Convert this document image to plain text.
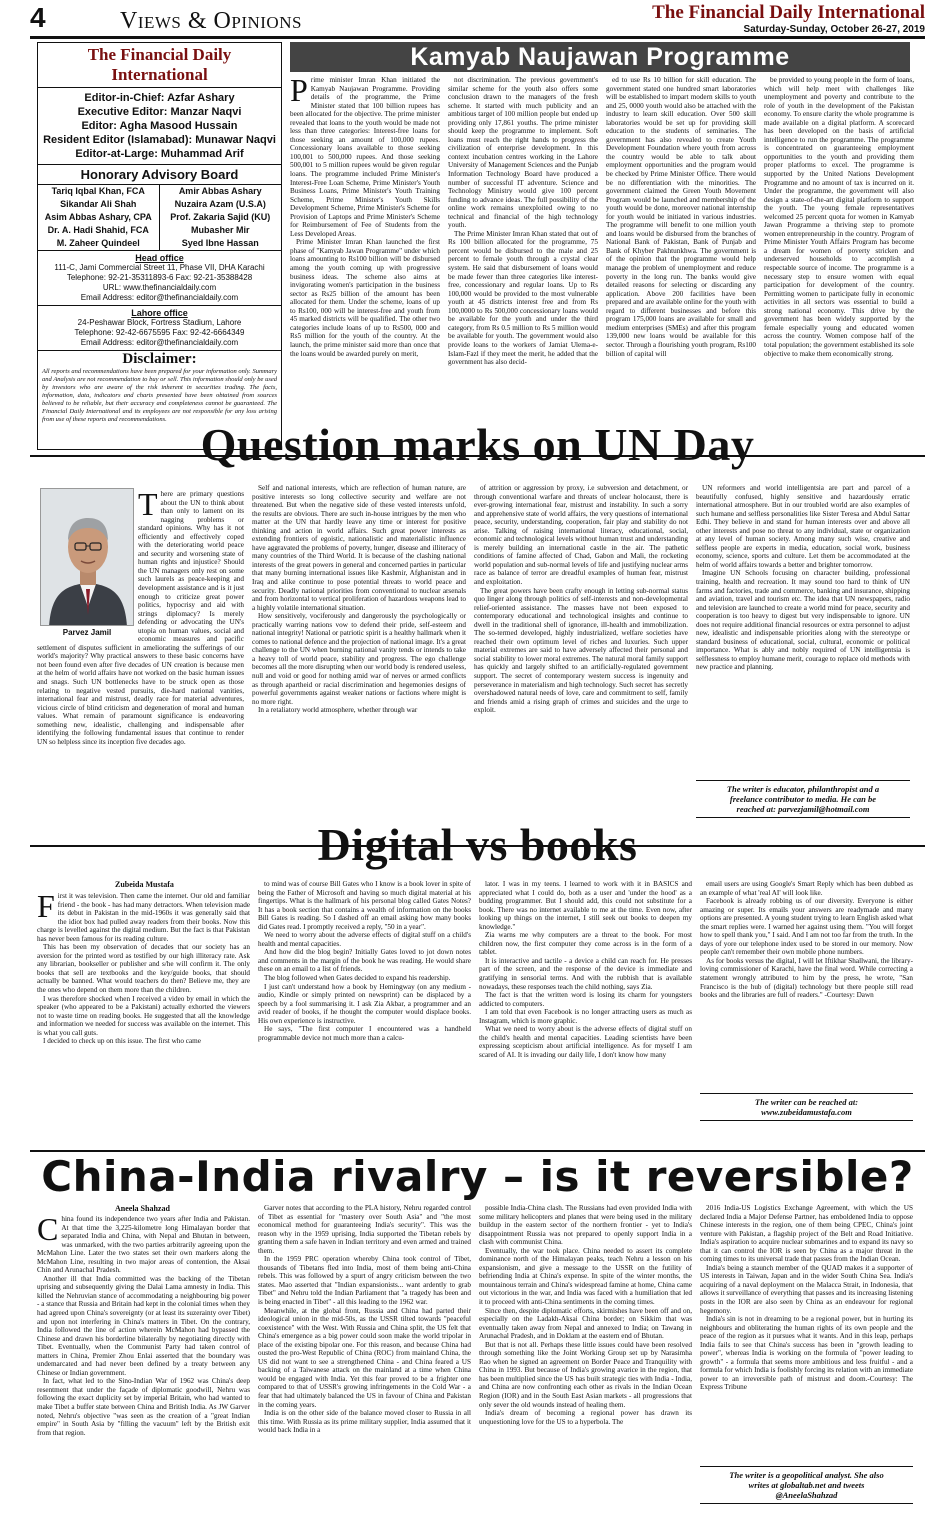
4	Views & Opinions	The Financial Daily International
Saturday-Sunday, October 26-27, 2019
The Financial Daily International
Editor-in-Chief: Azfar Ashary
Executive Editor: Manzar Naqvi
Editor: Agha Masood Hussain
Resident Editor (Islamabad): Munawar Naqvi
Editor-at-Large: Muhammad Arif
Honorary Advisory Board
Tariq Iqbal Khan, FCA	Amir Abbas Ashary
Sikandar Ali Shah	Nuzaira Azam (U.S.A)
Asim Abbas Ashary, CPA	Prof. Zakaria Sajid (KU)
Dr. A. Hadi Shahid, FCA	Mubasher Mir
M. Zaheer Quindeel	Syed Ibne Hassan
Head office
111-C, Jami Commercial Street 11, Phase VII, DHA Karachi
Telephone: 92-21-35311893-6 Fax: 92-21-35388428
URL: www.thefinancialdaily.com
Email Address: editor@thefinancialdaily.com
Lahore office
24-Peshawar Block, Fortress Stadium, Lahore
Telephone: 92-42-6675595 Fax: 92-42-6664349
Email Address: editor@thefinancialdaily.com
Disclaimer:
All reports and recommendations have been prepared for your information only. Summary and Analysis are not recommendation to buy or sell. This information should only be used by investors who are aware of the risk inherent in securities trading. The facts, information, data, indicators and charts presented have been obtained from sources believed to be reliable, but their accuracy and completeness cannot be guaranteed. The Financial Daily International and its employees are not responsible for any loss arising from use of these reports and recommendations.
Kamyab Naujawan Programme

Prime minister Imran Khan initiated the Kamyab Naujawan Programme. Providing details of the programme, the Prime Minister stated that 100 billion rupees has been allocated for the objective. The prime minister revealed that loans to the youth would be made not less than three categories: Interest-free loans for those seeking an amount of 100,000 rupees. Concessionary loans available to those seeking 100,001 to 500,000 rupees. And those seeking 500,001 to 5 million rupees would be given regular loans. The programme included Prime Minister's Interest-Free Loan Scheme, Prime Minister's Youth Business Loans, Prime Minister's Youth Training Scheme, Prime Minister's Youth Skills Development Scheme, Prime Minister's Scheme for Provision of Laptops and Prime Minister's Scheme for Reimbursement of Fee of Students from the Less Developed Areas.

Prime Minister Imran Khan launched the first phase of "Kamyab Jawan Programme" under which loans amounting to Rs100 billion will be disbursed among the youth coming up with progressive business ideas. The scheme also aims at invigorating women's participation in the business sector as Rs25 billion of the amount has been allocated for them. Under the scheme, loans of up to Rs100, 000 will be interest-free and youth from 45 marked districts will be qualified. The other two categories include loans of up to Rs500, 000 and Rs5 million for the youth of the country. At the launch, the prime minister said more than once that the loans would be awarded purely on merit,

not discrimination. The previous government's similar scheme for the youth also offers some conclusion drawn to the managers of the fresh scheme. It started with much publicity and an ambitious target of 100 million people but ended up providing only 17,861 youths. The prime minister should keep the programme to implement. Soft loans must reach the right hands to progress the civilization of enterprise development. In this context incubation centres working in the Lahore University of Management Sciences and the Punjab Information Technology Board have produced a number of successful IT adventure. Science and Technology Ministry would give 100 percent funding to advance ideas. The full possibility of the online work remains unexploited owing to no technical and financial of the high technology youth.

The Prime Minister Imran Khan stated that out of Rs 100 billion allocated for the programme, 75 percent would be disbursed to the male and 25 percent to female youth through a crystal clear system. He said that disbursement of loans would be made fewer than three categories like interest-free, concessionary and regular loans. Up to Rs 100,000 would be provided to the most vulnerable youth at 45 districts interest free and from Rs 100,0000 to Rs 500,000 concessionary loans would be available for the youth and under the third category, from Rs 0.5 million to Rs 5 million would be available for youth. The government would also provide loans to the workers of Jamiat Ulema-e-Islam-Fazl if they meet the merit, he added that the government has also decid-

ed to use Rs 10 billion for skill education. The government stated one hundred smart laboratories will be established to impart modern skills to youth and 25, 0000 youth would also be attached with the industry to learn skill education. Over 500 skill laboratories would be set up for providing skill education to the students of seminaries. The government has also revealed to create Youth Development Foundation where youth from across the country would be able to talk about employment opportunities and the program would be checked by Prime Minister Office. There would be no differentiation with the minorities. The government claimed the Green Youth Movement Program would be launched and membership of the youth would be done, moreover national internship for youth would be initiated in various industries. The programme will benefit to one million youth and loans would be disbursed from the branches of National Bank of Pakistan, Bank of Punjab and Bank of Khyber Pakhtunkhwa. The government is of the opinion that the programme would help manage the problem of unemployment and reduce poverty in the long run. The banks would give detailed reasons for selecting or discarding any application. Above 200 facilities have been prepared and are available online for the youth with regard to different businesses and before this program 175,000 loans are available for small and medium enterprises (SMEs) and after this program 139,000 new loans would be available for this sector. Through a flourishing youth program, Rs100 billion of capital will

be provided to young people in the form of loans, which will help meet with challenges like unemployment and poverty and contribute to the role of youth in the development of the Pakistan economy. To ensure clarity the whole programme is made available on a digital platform. A scorecard has been developed on the basis of artificial intelligence to run the programme. The programme is concentrated on guaranteeing employment opportunities to the youth and providing them proper platforms to excel. The programme is supported by the United Nations Development Programme and no amount of tax is incurred on it. Under the programme, the government will also design a state-of-the-art digital platform to support the youth. The young female representatives welcomed 25 percent quota for women in Kamyab Jawan Programme a thriving step to promote women entrepreneurship in the country. Program of Prime Minister Youth Affairs Program has become a dream for women of poverty stricken and underserved households to accomplish a respectable source of income. The programme is a necessary step to ensure women with equal participation for development of the country. Permitting women to participate fully in economic activities in all sectors was essential to build a strong national economy. This drive by the government has been widely supported by the female especially young and educated women across the country. Women compose half of the total population; the government established its sole objective to make them economically strong.

Question marks on UN Day
Parvez Jamil

There are primary questions about the UN to think about than only to lament on its nagging problems or standard opinions. Why has it not efficiently and effectively coped with the deteriorating world peace and security and worsening state of human rights and injustice? Should the UN managers only rest on some such laurels as peace-keeping and development assistance and is it just enough to criticize great power politics, hypocrisy and aid with strings diplomacy? Is merely defending or advocating the UN's utopia on human values, social and economic measures and pacific settlement of disputes sufficient in ameliorating the sufferings of our world's majority? Why practical answers to these basic concerns have not been found even after five decades of UN creation is because men at the helm of world affairs have not worked on the basic human issues and snags. Such UN bottlenecks have to be struck open as those relating to negative vested pursuits, die-hard national vanities, international fear and mistrust, deadly race for material adventures, vicious circle of blind criticism and degeneration of moral and human values. What remain of paramount significance is endeavoring something new, idealistic, challenging and indispensable after identifying the following fundamental issues that continue to render UN so helpless since its inception five decades ago.

Self and national interests, which are reflection of human nature, are positive interests so long collective security and welfare are not threatened. But when the negative side of these vested interests unfold, the results are obvious. There are such in-house intrigues by the men who matter at the UN that hardly leave any time or interest for positive thinking and action in world affairs. Such great power interests as extending frontiers of egoistic, nationalistic and materialistic influence have aggravated the problems of poverty, hunger, disease and illiteracy of many countries of the Third World. It is because of the clashing national interests of the great powers in general and concerned parties in particular that many burning international issues like Kashmir, Afghanistan and in Iraq and alike continue to pose potential threats to world peace and security. Deadly national priorities from conventional to nuclear arsenals and from horizontal to vertical proliferation of hazardous weapons lead to a highly volatile international situation.

How sensitively, vociferously and dangerously the psychologically or practically warring nations vow to defend their pride, self-esteem and national integrity! National or patriotic spirit is a healthy hallmark when it comes to national defence and the projection of national image. It's a great challenge to the UN when burning national vanity tends or intends to take a heavy toll of world peace, stability and progress. The ego challenge becomes all the more disrupting when our world body is rendered useless, null and void or good for nothing amid war of nerves or armed conflicts as through apartheid or racial discrimination and hegemonies designs of powerful governments against weaker nations or factions where might is no more right.

In a retaliatory world atmosphere, whether through war

of attrition or aggression by proxy, i.e subversion and detachment, or through conventional warfare and threats of unclear holocaust, there is ever-growing international fear, mistrust and instability. In such a sorry and apprehensive state of world affairs, the very questions of international peace, security, understanding, cooperation, fair play and stability do not arise. Talking of raising international literacy, educational, social, economic and technological levels without human trust and understanding is merely building an international castle in the air. The pathetic conditions of famine affected of Chad, Gabon and Mali, the rocketing world population and sub-normal levels of life and justifying nuclear arms race as balance of terror are dreadful examples of human fear, mistrust and exploitation.

The great powers have been crafty enough in letting sub-normal status quo linger along through politics of self-interests and non-developmental relief-oriented assistance. The masses have not been exposed to contemporary educational and technological insights and continue to dwell in the traditional shell of ignorance, ill-health and immobilization. The so-termed developed, highly industrialized, welfare societies have reached their own optimum level of riches and luxuries. Such upper material extremes are said to have adversely affected their personal and social stability to lower moral extremes. The natural moral family support has quickly and largely shifted to an artificially-regulated government support. The secret of contemporary western success is ingenuity and perseverance in materialism and high technology. Such secret has secretly overshadowed natural needs of love, care and commitment to self, family and friends amid a rising graph of crimes and suicides and the urge to exploit.

UN reformers and world intelligentsia are part and parcel of a beautifully confused, highly sensitive and hazardously erratic international atmosphere. But in our troubled world are also examples of such humane and selfless personalities like Sister Teresa and Abdul Sattar Edhi. They believe in and stand for human interests over and above all other interests and pose no threat to any individual, state or organization at any level of human society. Among many such wise, creative and selfless people are experts in media, education, social work, business economy, science, sports and culture. Let them be accommodated at the helm of world affairs towards a better and brighter tomorrow.

Imagine UN Schools focusing on character building, professional training, health and recreation. It may sound too hard to think of UN farms and factories, trade and commerce, banking and insurance, shipping and aviation, travel and tourism etc. The idea that UN newspapers, radio and television are launched to create a world mind for peace, security and cooperation is too heavy to digest but very indispensable to ignore. UN does not require additional financial resources or extra personnel to adjust new, idealistic and indispensable priorities along with the stereotype or standard business of educational, social, cultural, economic or political importance. What is ably and nobly required of UN intelligentsia is selflessness to employ humane merit, courage to replace old methods with new practice and planning.

The writer is educator, philanthropist and a
freelance contributor to media. He can be
reached at: parvezjamil@hotmail.com
Digital vs books
Zubeida Mustafa

First it was television. Then came the internet. Our old and familiar friend - the book - has had many detractors. When television made its debut in Pakistan in the mid-1960s it was generally said that the idiot box had pulled away readers from their books. Now this charge is levelled against the digital medium. But the fact is that Pakistan has never been famous for its reading culture.

This has been my observation of decades that our society has an aversion for the printed word as testified by our high illiteracy rate. Ask any librarian, bookseller or publisher and s/he will confirm it. The only books that sell are textbooks and the key/guide books, that should actually be banned. What would teachers do then? Believe me, they are the ones who depend on them more than the children.

I was therefore shocked when I received a video by email in which the speaker (who appeared to be a Pakistani) actually exhorted the viewers not to waste time on reading books. He suggested that all the knowledge and information we needed for success was available on the internet. This is what you call guts.

I decided to check up on this issue. The first who came

to mind was of course Bill Gates who I know is a book lover in spite of being the Father of Microsoft and having so much digital material at his fingertips. What is the hallmark of his personal blog called Gates Notes? It has a book section that contains a wealth of information on the books Bill Gates is reading. So I dashed off an email asking how many books did Gates read. I promptly received a reply, "50 in a year".

We need to worry about the adverse effects of digital stuff on a child's health and mental capacities.

And how did the blog begin? Initially Gates loved to jot down notes and comments in the margin of the book he was reading. He would share these on an email to a list of friends.

The blog followed when Gates decided to expand his readership.

I just can't understand how a book by Hemingway (on any medium - audio, Kindle or simply printed on newsprint) can be displaced by a speech by a fool summarising it. I ask Zia Akbar, a programmer and an avid reader of books, if he thought the computer would displace books. His own experience is instructive.

He says, "The first computer I encountered was a handheld programmable device not much more than a calcu-

lator. I was in my teens. I learned to work with it in BASICS and appreciated what I could do, both as a user and 'under the hood' as a budding programmer. But I should add, this could not substitute for a book. There was no internet available to me at the time. Even now, after looking up things on the internet, I still seek out books to deepen my knowledge."

Zia warns me why computers are a threat to the book. For most children now, the first computer they come across is in the form of a tablet.

It is interactive and tactile - a device a child can reach for. He presses part of the screen, and the response of the device is immediate and gratifying in sensorial terms. And with the rubbish that is available nowadays, these responses teach the child nothing, says Zia.

The fact is that the written word is losing its charm for youngsters addicted to computers.

I am told that even Facebook is no longer attracting users as much as Instagram, which is more graphic.

What we need to worry about is the adverse effects of digital stuff on the child's health and mental capacities. Leading scientists have been expressing scepticism about artificial intelligence. As for myself I am scared of AI. It is invading our daily life, I don't know how many

email users are using Google's Smart Reply which has been dubbed as an example of what 'real AI' will look like.

Facebook is already robbing us of our diversity. Everyone is either amazing or super. Its emails your answers are readymade and many options are presented. A young student trying to learn English asked what the smart replies were. I warned her against using them. "You will forget how to spell thank you," I said. And I am not too far from the truth. In the days of yore our telephone index used to be stored in our memory. Now people can't remember their own mobile phone numbers.

As for books versus the digital, I will let Iftikhar Shallwani, the library-loving commissioner of Karachi, have the final word. While correcting a statement wrongly attributed to him by the press, he wrote, "San Francisco is the hub of (digital) technology but there people still read books and the libraries are full of readers." -Courtesy: Dawn

The writer can be reached at:
www.zubeidamustafa.com
China-India rivalry – is it reversible?
Aneela Shahzad

China found its independence two years after India and Pakistan. At that time the 3,225-kilometre long Himalayan border that separated India and China, with Nepal and Bhutan in between, was unmarked, with the two parties arbitrarily agreeing upon the McMahon Line. Later the two states set their own markers along the McMahon Line, resulting in two major areas of contention, the Aksai Chin and Arunachal Pradesh.

Another ill that India committed was the backing of the Tibetan uprising and subsequently giving the Dalai Lama amnesty in India. This killed the Nehruvian stance of accommodating a neighbouring big power - a stance that Russia and Britain had kept in the colonial times when they had agreed upon China's sovereignty (or at least its suzerainty over Tibet) and upon not interfering in China's matters in Tibet. On the contrary, India followed the line of action wherein McMahon had bypassed the Chinese and drawn his borderline bilaterally by negotiating directly with Tibet. Eventually, when the Communist Party had taken control of matters in China, Premier Zhou Enlai asserted that the boundary was undemarcated and had never been defined by a treaty between any Chinese or Indian government.

In fact, what led to the Sino-Indian War of 1962 was China's deep resentment that under the façade of diplomatic goodwill, Nehru was following the exact duplicity set by imperial Britain, who had wanted to make Tibet a buffer state between China and British India. As JW Garver noted, Nehru's objective "was seen as the creation of a "great Indian empire" in South Asia by "filling the vacuum" left by the British exit from that region.

Garver notes that according to the PLA history, Nehru regarded control of Tibet as essential for "mastery over South Asia" and "the most economical method for guaranteeing India's security". This was the reason why in the 1959 uprising, India supported the Tibetan rebels by granting them a safe haven in Indian territory and even armed and trained them.

In the 1959 PRC operation whereby China took control of Tibet, thousands of Tibetans fled into India, most of them being anti-China rebels. This was followed by a spurt of angry criticism between the two states. Mao asserted that "Indian expansionists... want ardently to grab Tibet" and Nehru told the Indian Parliament that "a tragedy has been and is being enacted in Tibet" - all this leading to the 1962 war.

Meanwhile, at the global front, Russia and China had parted their ideological union in the mid-50s, as the USSR tilted towards "peaceful coexistence" with the West. With Russia and China split, the US felt that China's emergence as a big power could soon make the world tripolar in place of the existing bipolar one. For this reason, and because China had ousted the pro-West Republic of China (ROC) from mainland China, the US did not want to see a strengthened China - and China feared a US backing of a Taiwanese attack on the mainland at a time when China would be engaged with India. Yet this fear proved to be a frighter one compared to that of USSR's growing infringements in the Cold War - a fear that had ultimately balanced the US in favour of China and Pakistan in the coming years.

India is on the other side of the balance moved closer to Russia in all this time. With Russia as its prime military supplier, India assumed that it would back India in a

possible India-China clash. The Russians had even provided India with some military helicopters and planes that were being used in the military buildup in the eastern sector of the northern frontier - yet to India's disappointment Russia was not prepared to openly support India in a clash with communist China.

Eventually, the war took place. China needed to assert its complete dominance north of the Himalayan peaks, teach Nehru a lesson on his expansionism, and give a message to the USSR on the futility of befriending India at China's expense. In spite of the winter months, the mountainous terrain and China's widespread famine at home, China came out victorious in the war, and India was faced with a humiliation that led it to proceed with anti-China sentiments in the coming times.

Since then, despite diplomatic efforts, skirmishes have been off and on, especially on the Ladakh-Aksai China border; on Sikkim that was eventually taken away from Nepal and annexed to India; on Tawang in Arunachal Pradesh, and in Doklam at the eastern end of Bhutan.

But that is not all. Perhaps these little issues could have been resolved through something like the Joint Working Group set up by Narasimha Rao when he signed an agreement on Border Peace and Tranquility with China in 1993. But because of India's growing avarice in the region, that has been multiplied since the US has built strategic ties with India - India, and China are now confronting each other as rivals in the Indian Ocean Region (IOR) and in the South East Asian markets - all progressions that only sever the old wounds instead of healing them.

India's dream of becoming a regional power has drawn its unquestioning love for the US to a hyperbola. The

2016 India-US Logistics Exchange Agreement, with which the US declared India a Major Defense Partner, has emboldened India to oppose Chinese interests in the region, one of them being CPEC, China's joint venture with Pakistan, a flagship project of the Belt and Road Initiative. India's aspiration to acquire nuclear submarines and to expand its navy so that it can control the IOR is seen by China as a major threat in the coming times to its universal trade that passes from the Indian Ocean.

India's being a staunch member of the QUAD makes it a supporter of US interests in Taiwan, Japan and in the wider South China Sea. India's acquiring of a naval deployment on the Malacca Strait, in Indonesia, that allows it surveillance of everything that passes and its increasing listening posts in the IOR are also seen by China as an endeavour for regional hegemony.

India's sin is not in dreaming to be a regional power, but in hurting its neighbours and obliterating the human rights of its own people and the peace of the region as it pursues what it wants. And in this leap, perhaps India fails to see that China's success has been in "growth leading to power", whereas India is working on the formula of "power leading to growth" - a formula that seems more ambitious and less fruitful - and a formula for which India is foolishly forcing its relation with an immediate power to an irreversible path of mistrust and doom.-Courtesy: The Express Tribune

The writer is a geopolitical analyst. She also
writes at globaltab.net and tweets
@AneelaShahzad
